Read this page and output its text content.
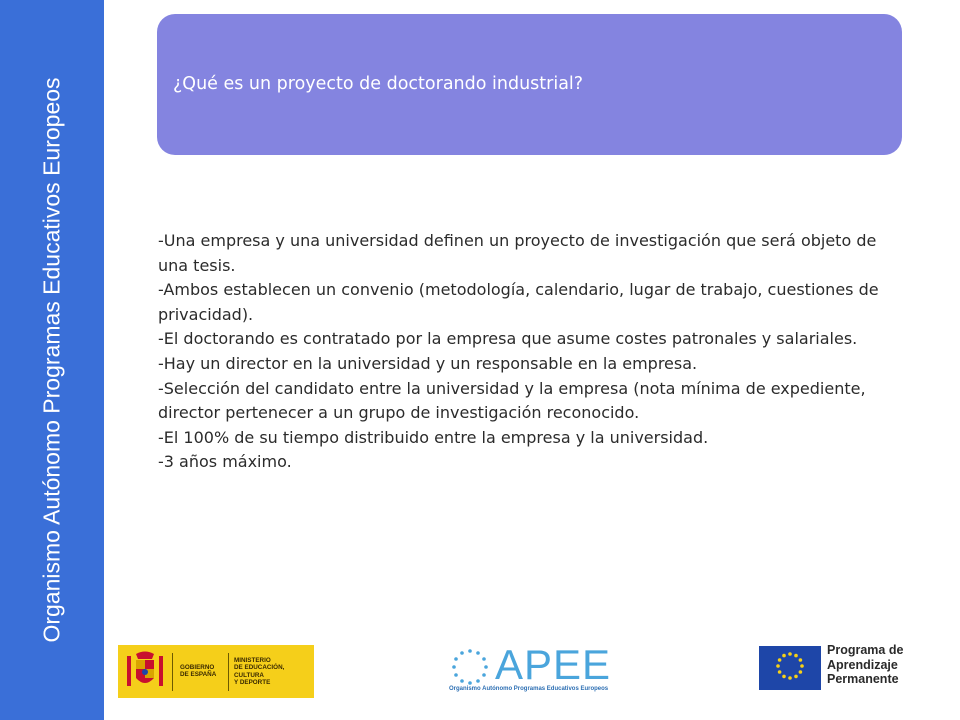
Organismo Autónomo Programas Educativos Europeos	¿Qué es un proyecto de doctorando industrial?
-Una empresa y una universidad definen un proyecto de investigación que será objeto de una tesis.
-Ambos establecen un convenio (metodología, calendario, lugar de trabajo, cuestiones de privacidad).
-El doctorando es contratado por la empresa que asume costes patronales y salariales.
-Hay un director en la universidad y un responsable en la empresa.
-Selección del candidato entre la universidad y la empresa (nota mínima de expediente, director pertenecer a un grupo de investigación reconocido.
-El 100% de su tiempo distribuido entre la empresa y la universidad.
-3 años máximo.
GOBIERNO
DE ESPAÑA
MINISTERIO
DE EDUCACIÓN, CULTURA
Y DEPORTE	APEE
Organismo Autónomo Programas Educativos Europeos
Programa de
Aprendizaje
Permanente
